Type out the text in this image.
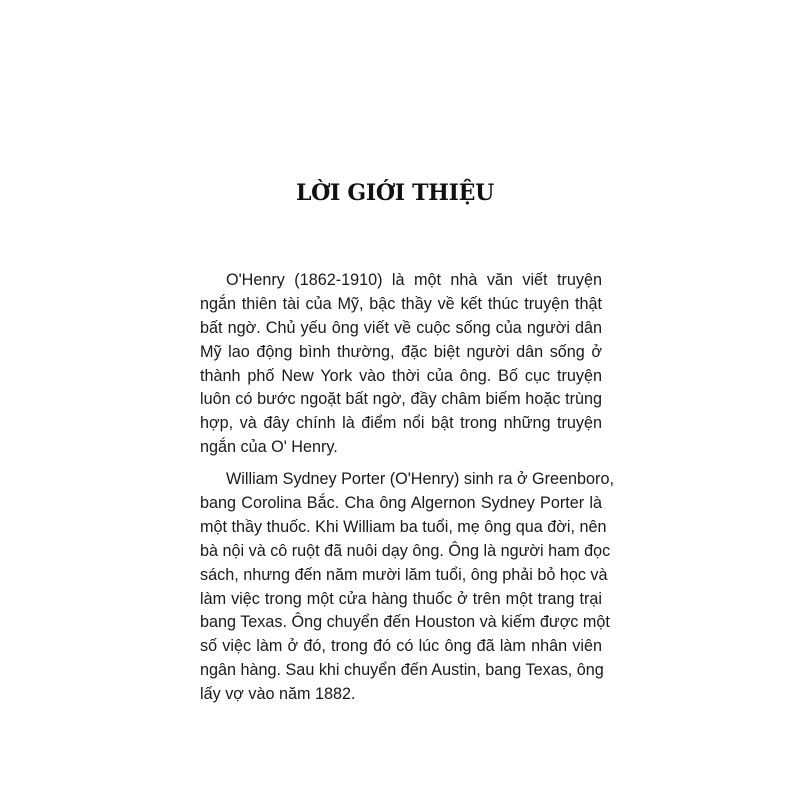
LỜI GIỚI THIỆU

O'Henry (1862-1910) là một nhà văn viết truyện
ngắn thiên tài của Mỹ, bậc thầy về kết thúc truyện thật
bất ngờ. Chủ yếu ông viết về cuộc sống của người dân
Mỹ lao động bình thường, đặc biệt người dân sống ở
thành phố New York vào thời của ông. Bố cục truyện
luôn có bước ngoặt bất ngờ, đầy châm biếm hoặc trùng
hợp, và đây chính là điểm nổi bật trong những truyện
ngắn của O' Henry.

William Sydney Porter (O'Henry) sinh ra ở Greenboro,
bang Corolina Bắc. Cha ông Algernon Sydney Porter là
một thầy thuốc. Khi William ba tuổi, mẹ ông qua đời, nên
bà nội và cô ruột đã nuôi dạy ông. Ông là người ham đọc
sách, nhưng đến năm mười lăm tuổi, ông phải bỏ học và
làm việc trong một cửa hàng thuốc ở trên một trang trại
bang Texas. Ông chuyển đến Houston và kiếm được một
số việc làm ở đó, trong đó có lúc ông đã làm nhân viên
ngân hàng. Sau khi chuyển đến Austin, bang Texas, ông
lấy vợ vào năm 1882.
